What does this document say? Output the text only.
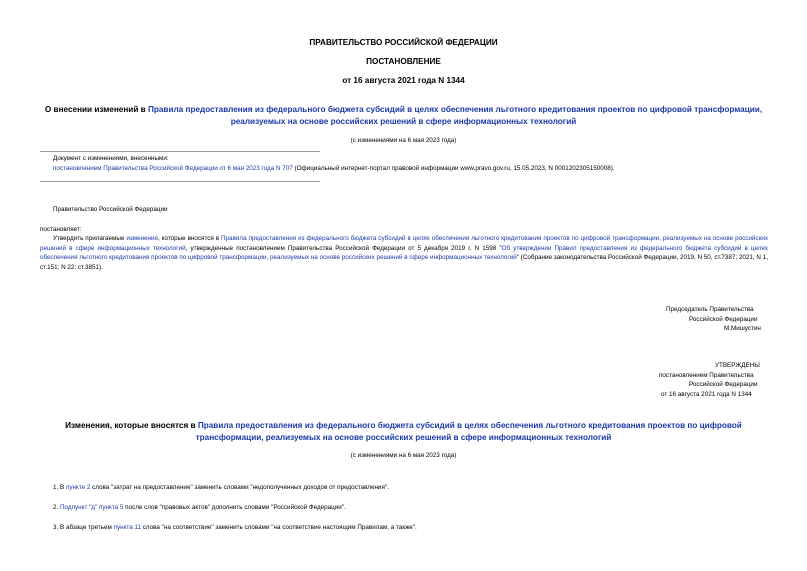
ПРАВИТЕЛЬСТВО РОССИЙСКОЙ ФЕДЕРАЦИИ
ПОСТАНОВЛЕНИЕ
от 16 августа 2021 года N 1344
О внесении изменений в Правила предоставления из федерального бюджета субсидий в целях обеспечения льготного кредитования проектов по цифровой трансформации, реализуемых на основе российских решений в сфере информационных технологий
(с изменениями на 6 мая 2023 года)
Документ с изменениями, внесенными:
постановлением Правительства Российской Федерации от 6 мая 2023 года N 707 (Официальный интернет-портал правовой информации www.pravo.gov.ru, 15.05.2023, N 0001202305150008).
Правительство Российской Федерации
постановляет:
Утвердить прилагаемые изменения, которые вносятся в Правила предоставления из федерального бюджета субсидий в целях обеспечения льготного кредитования проектов по цифровой трансформации, реализуемых на основе российских решений в сфере информационных технологий, утвержденные постановлением Правительства Российской Федерации от 5 декабря 2019 г. N 1598 "Об утверждении Правил предоставления из федерального бюджета субсидий в целях обеспечения льготного кредитования проектов по цифровой трансформации, реализуемых на основе российских решений в сфере информационных технологий" (Собрание законодательства Российской Федерации, 2019, N 50, ст.7387; 2021, N 1, ст.151; N 22: ст.3851).
Председатель Правительства
Российской Федерации
М.Мишустин
УТВЕРЖДЕНЫ
постановлением Правительства
Российской Федерации
от 16 августа 2021 года N 1344
Изменения, которые вносятся в Правила предоставления из федерального бюджета субсидий в целях обеспечения льготного кредитования проектов по цифровой трансформации, реализуемых на основе российских решений в сфере информационных технологий
(с изменениями на 6 мая 2023 года)
1. В пункте 2 слова "затрат на предоставление" заменить словами "недополученных доходов от предоставления".
2. Подпункт "д" пункта 5 после слов "правовых актов" дополнить словами "Российской Федерации".
3. В абзаце третьем пункта 11 слова "на соответствие" заменить словами "на соответствие настоящим Правилам, а также".
